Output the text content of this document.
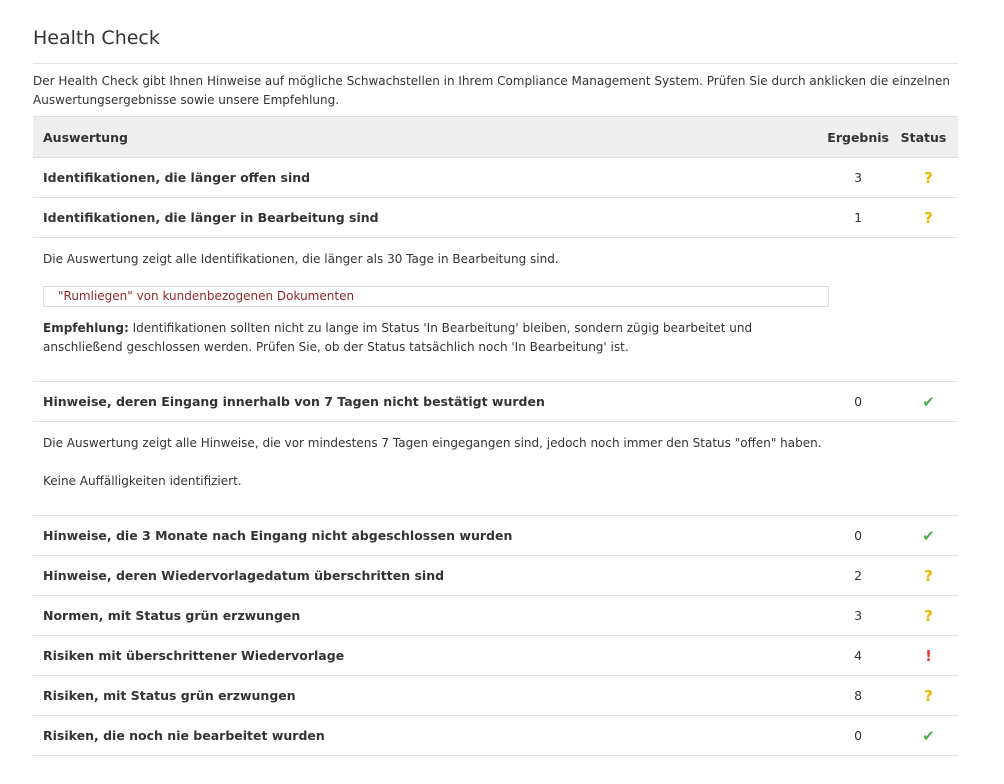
Health Check

Der Health Check gibt Ihnen Hinweise auf mögliche Schwachstellen in Ihrem Compliance Management System. Prüfen Sie durch anklicken die einzelnen Auswertungsergebnisse sowie unsere Empfehlung.

Auswertung	Ergebnis	Status
Identifikationen, die länger offen sind	3	?
Identifikationen, die länger in Bearbeitung sind	1	?

Die Auswertung zeigt alle Identifikationen, die länger als 30 Tage in Bearbeitung sind.

"Rumliegen" von kundenbezogenen Dokumenten

Empfehlung: Identifikationen sollten nicht zu lange im Status 'In Bearbeitung' bleiben, sondern zügig bearbeitet und anschließend geschlossen werden. Prüfen Sie, ob der Status tatsächlich noch 'In Bearbeitung' ist.		

Hinweise, deren Eingang innerhalb von 7 Tagen nicht bestätigt wurden	0	✔

Die Auswertung zeigt alle Hinweise, die vor mindestens 7 Tagen eingegangen sind, jedoch noch immer den Status "offen" haben.

Keine Auffälligkeiten identifiziert.		

Hinweise, die 3 Monate nach Eingang nicht abgeschlossen wurden	0	✔
Hinweise, deren Wiedervorlagedatum überschritten sind	2	?
Normen, mit Status grün erzwungen	3	?
Risiken mit überschrittener Wiedervorlage	4	!
Risiken, mit Status grün erzwungen	8	?
Risiken, die noch nie bearbeitet wurden	0	✔
